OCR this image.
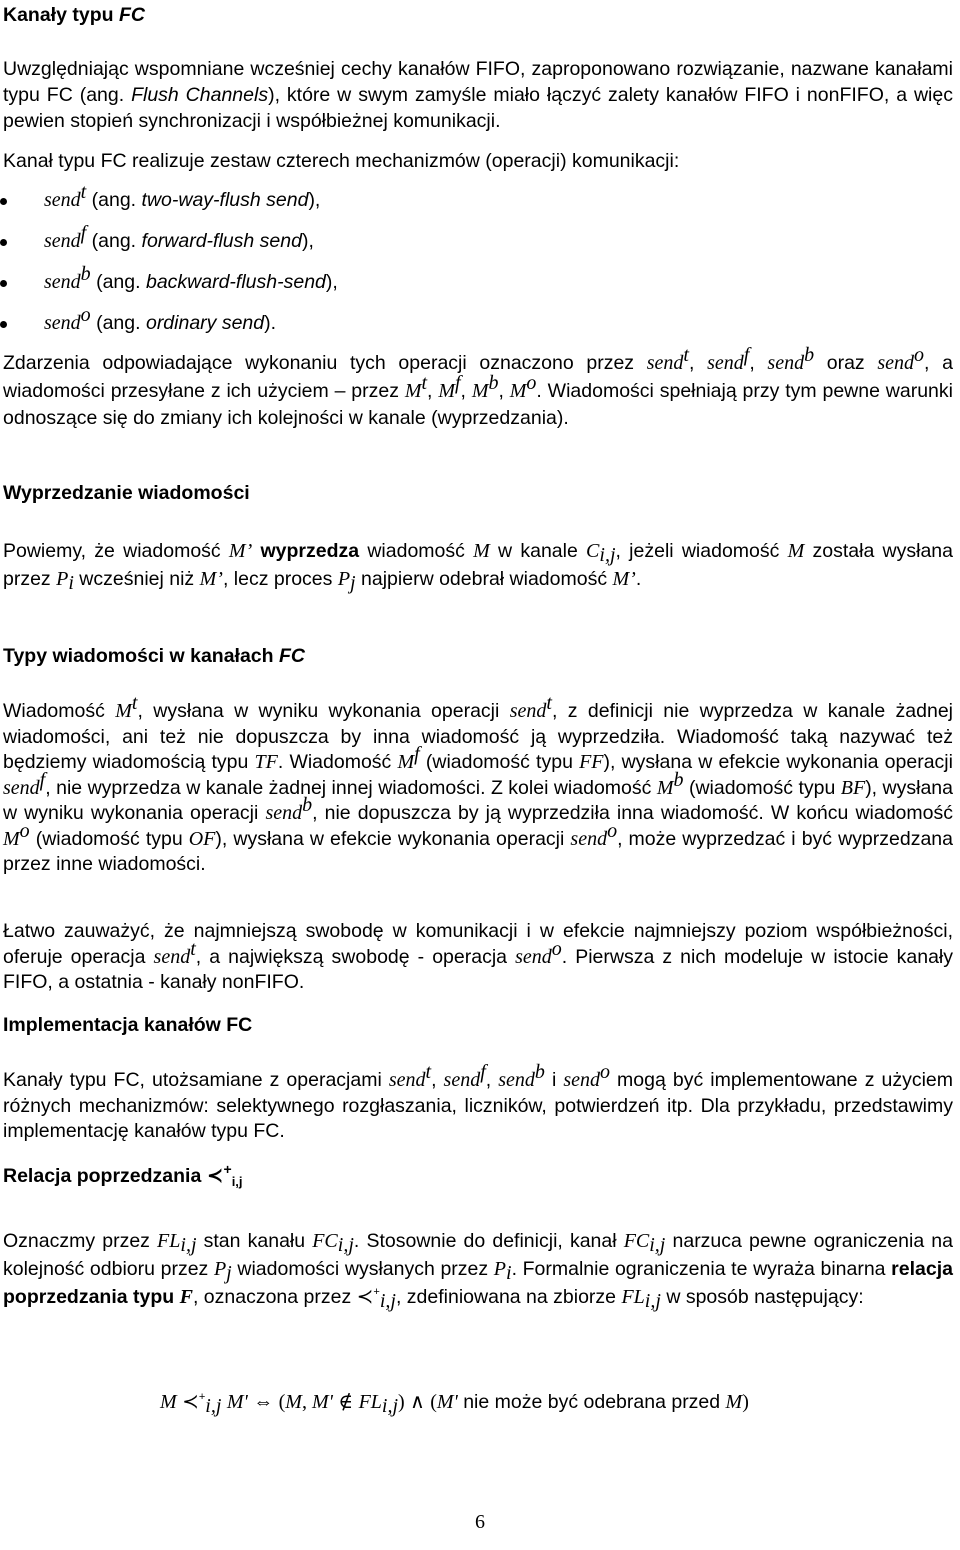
Kanały typu FC
Uwzględniając wspomniane wcześniej cechy kanałów FIFO, zaproponowano rozwiązanie, nazwane kanałami typu FC (ang. Flush Channels), które w swym zamyśle miało łączyć zalety kanałów FIFO i nonFIFO, a więc pewien stopień synchronizacji i współbieżnej komunikacji.
Kanał typu FC realizuje zestaw czterech mechanizmów (operacji) komunikacji:
send$^t$ (ang. two-way-flush send),
send$^f$ (ang. forward-flush send),
send$^b$ (ang. backward-flush-send),
send$^o$ (ang. ordinary send).
Zdarzenia odpowiadające wykonaniu tych operacji oznaczono przez send$^t$, send$^f$, send$^b$ oraz send$^o$, a wiadomości przesyłane z ich użyciem – przez $M^t$, $M^f$, $M^b$, $M^o$. Wiadomości spełniają przy tym pewne warunki odnoszące się do zmiany ich kolejności w kanale (wyprzedzania).
Wyprzedzanie wiadomości
Powiemy, że wiadomość M’ wyprzedza wiadomość M w kanale $C_{i,j}$, jeżeli wiadomość M została wysłana przez $P_i$ wcześniej niż M’, lecz proces $P_j$ najpierw odebrał wiadomość M’.
Typy wiadomości w kanałach FC
Wiadomość $M^t$, wysłana w wyniku wykonania operacji send$^t$, z definicji nie wyprzedza w kanale żadnej wiadomości, ani też nie dopuszcza by inna wiadomość ją wyprzedziła. Wiadomość taką nazywać też będziemy wiadomością typu TF. Wiadomość $M^f$ (wiadomość typu FF), wysłana w efekcie wykonania operacji send$^f$, nie wyprzedza w kanale żadnej innej wiadomości. Z kolei wiadomość $M^b$ (wiadomość typu BF), wysłana w wyniku wykonania operacji send$^b$, nie dopuszcza by ją wyprzedziła inna wiadomość. W końcu wiadomość $M^o$ (wiadomość typu OF), wysłana w efekcie wykonania operacji send$^o$, może wyprzedzać i być wyprzedzana przez inne wiadomości.
Łatwo zauważyć, że najmniejszą swobodę w komunikacji i w efekcie najmniejszy poziom współbieżności, oferuje operacja send$^t$, a największą swobodę - operacja send$^o$. Pierwsza z nich modeluje w istocie kanały FIFO, a ostatnia - kanały nonFIFO.
Implementacja kanałów FC
Kanały typu FC, utożsamiane z operacjami send$^t$, send$^f$, send$^b$ i send$^o$ mogą być implementowane z użyciem różnych mechanizmów: selektywnego rozgłaszania, liczników, potwierdzeń itp. Dla przykładu, przedstawimy implementację kanałów typu FC.
Relacja poprzedzania $≺^+_{i,j}$
Oznaczmy przez $FL_{i,j}$ stan kanału $FC_{i,j}$. Stosownie do definicji, kanał $FC_{i,j}$ narzuca pewne ograniczenia na kolejność odbioru przez $P_j$ wiadomości wysłanych przez $P_i$. Formalnie ograniczenia te wyraża binarna relacja poprzedzania typu F, oznaczona przez $≺^+_{i,j}$, zdefiniowana na zbiorze $FL_{i,j}$ w sposób następujący:
M $≺^+_{i,j}$ M' ⇔ (M, M' ∉ $FL_{i,j}$) ∧ (M' nie może być odebrana przed M)
6
